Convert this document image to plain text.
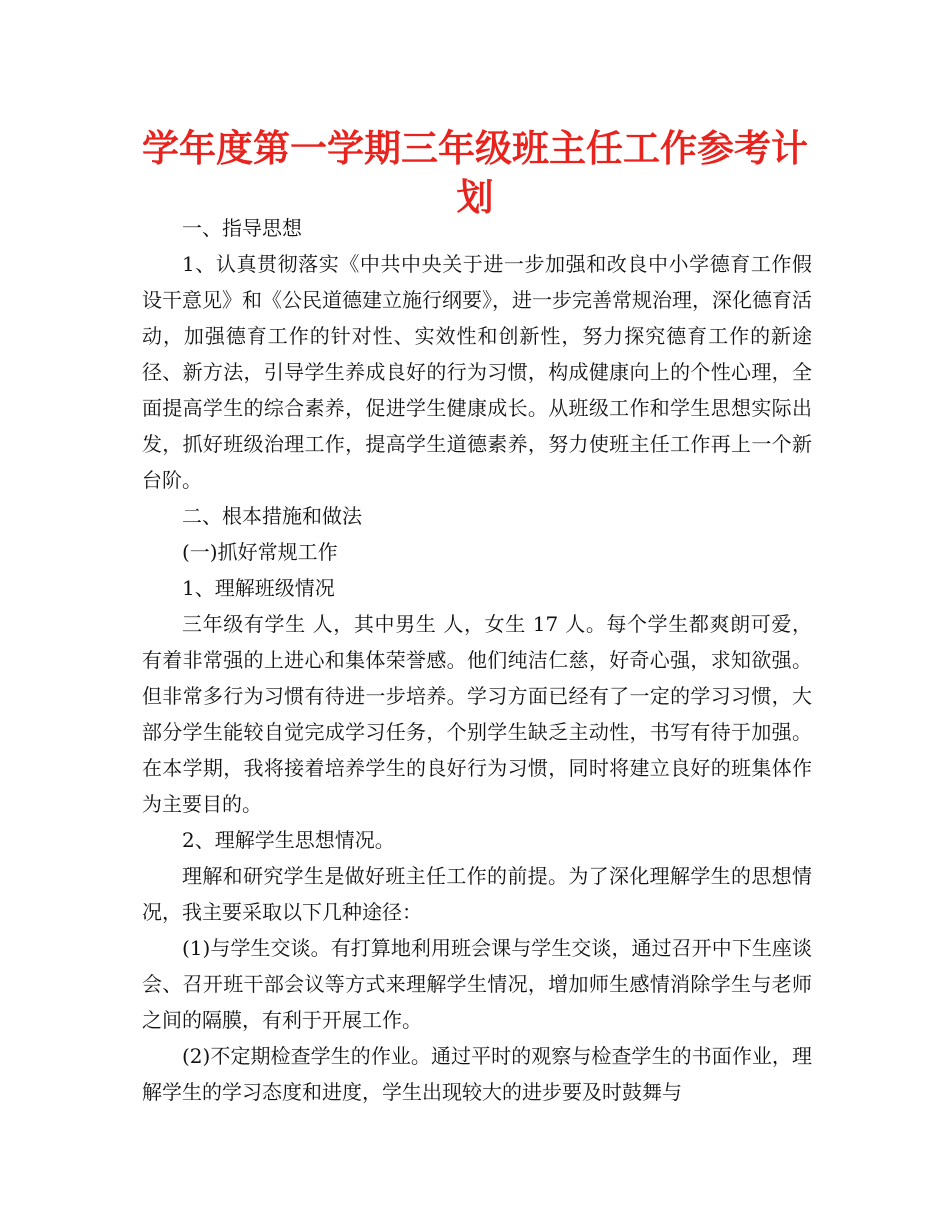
学年度第一学期三年级班主任工作参考计划

一、指导思想

1、认真贯彻落实《中共中央关于进一步加强和改良中小学德育工作假设干意见》和《公民道德建立施行纲要》，进一步完善常规治理，深化德育活动，加强德育工作的针对性、实效性和创新性，努力探究德育工作的新途径、新方法，引导学生养成良好的行为习惯，构成健康向上的个性心理，全面提高学生的综合素养，促进学生健康成长。从班级工作和学生思想实际出发，抓好班级治理工作，提高学生道德素养，努力使班主任工作再上一个新台阶。

二、根本措施和做法

(一)抓好常规工作

1、理解班级情况

三年级有学生 人，其中男生 人，女生 17 人。每个学生都爽朗可爱，有着非常强的上进心和集体荣誉感。他们纯洁仁慈，好奇心强，求知欲强。但非常多行为习惯有待进一步培养。学习方面已经有了一定的学习习惯，大部分学生能较自觉完成学习任务，个别学生缺乏主动性，书写有待于加强。在本学期，我将接着培养学生的良好行为习惯，同时将建立良好的班集体作为主要目的。

2、理解学生思想情况。

理解和研究学生是做好班主任工作的前提。为了深化理解学生的思想情况，我主要采取以下几种途径：

(1)与学生交谈。有打算地利用班会课与学生交谈，通过召开中下生座谈会、召开班干部会议等方式来理解学生情况，增加师生感情消除学生与老师之间的隔膜，有利于开展工作。

(2)不定期检查学生的作业。通过平时的观察与检查学生的书面作业，理解学生的学习态度和进度，学生出现较大的进步要及时鼓舞与
